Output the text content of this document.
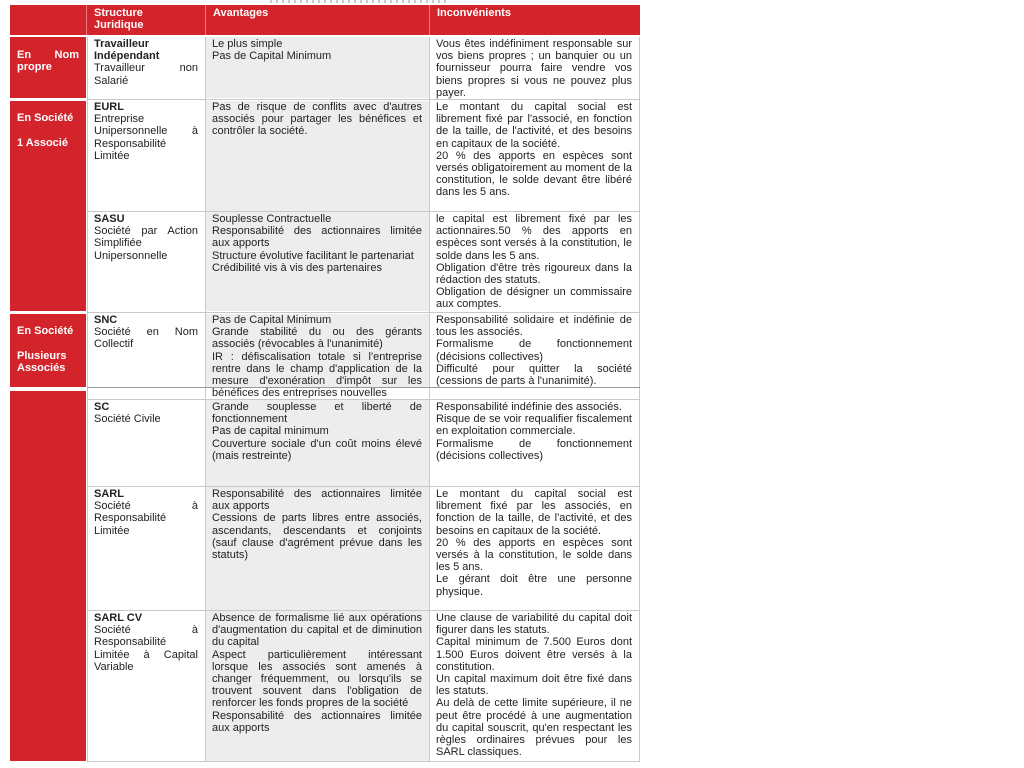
Structure Juridique
Avantages	Inconvénients
En Nom propre
En Société
1 Associé
En Société
Plusieurs Associés
Travailleur Indépendant
Travailleur non Salarié
Le plus simple
Pas de Capital Minimum
Vous êtes indéfiniment responsable sur vos biens propres ; un banquier ou un fournisseur pourra faire vendre vos biens propres si vous ne pouvez plus payer.
EURL
Entreprise Unipersonnelle à Responsabilité Limitée
Pas de risque de conflits avec d'autres associés pour partager les bénéfices et contrôler la société.
Le montant du capital social est librement fixé par l'associé, en fonction de la taille, de l'activité, et des besoins en capitaux de la société.
20 % des apports en espèces sont versés obligatoirement au moment de la constitution, le solde devant être libéré dans les 5 ans.
SASU
Société par Action Simplifiée Unipersonnelle
Souplesse Contractuelle
Responsabilité des actionnaires limitée aux apports
Structure évolutive facilitant le partenariat
Crédibilité vis à vis des partenaires
le capital est librement fixé par les actionnaires.50 % des apports en espèces sont versés à la constitution, le solde dans les 5 ans.
Obligation d'être très rigoureux dans la rédaction des statuts.
Obligation de désigner un commissaire aux comptes.
SNC
Société en Nom Collectif
Pas de Capital Minimum
Grande stabilité du ou des gérants associés (révocables à l'unanimité)
IR : défiscalisation totale si l'entreprise rentre dans le champ d'application de la mesure d'exonération d'impôt sur les bénéfices des entreprises nouvelles
Responsabilité solidaire et indéfinie de tous les associés.
Formalisme de fonctionnement (décisions collectives)
Difficulté pour quitter la société (cessions de parts à l'unanimité).
SC
Société Civile
Grande souplesse et liberté de fonctionnement
Pas de capital minimum
Couverture sociale d'un coût moins élevé (mais restreinte)
Responsabilité indéfinie des associés.
Risque de se voir requalifier fiscalement en exploitation commerciale.
Formalisme de fonctionnement (décisions collectives)
SARL
Société à Responsabilité Limitée
Responsabilité des actionnaires limitée aux apports
Cessions de parts libres entre associés, ascendants, descendants et conjoints (sauf clause d'agrément prévue dans les statuts)
Le montant du capital social est librement fixé par les associés, en fonction de la taille, de l'activité, et des besoins en capitaux de la société.
20 % des apports en espèces sont versés à la constitution, le solde dans les 5 ans.
Le gérant doit être une personne physique.
SARL CV
Société à Responsabilité Limitée à Capital Variable
Absence de formalisme lié aux opérations d'augmentation du capital et de diminution du capital
Aspect particulièrement intéressant lorsque les associés sont amenés à changer fréquemment, ou lorsqu'ils se trouvent souvent dans l'obligation de renforcer les fonds propres de la société
Responsabilité des actionnaires limitée aux apports
Une clause de variabilité du capital doit figurer dans les statuts.
Capital minimum de 7.500 Euros dont 1.500 Euros doivent être versés à la constitution.
Un capital maximum doit être fixé dans les statuts.
Au delà de cette limite supérieure, il ne peut être procédé à une augmentation du capital souscrit, qu'en respectant les règles ordinaires prévues pour les SARL classiques.
